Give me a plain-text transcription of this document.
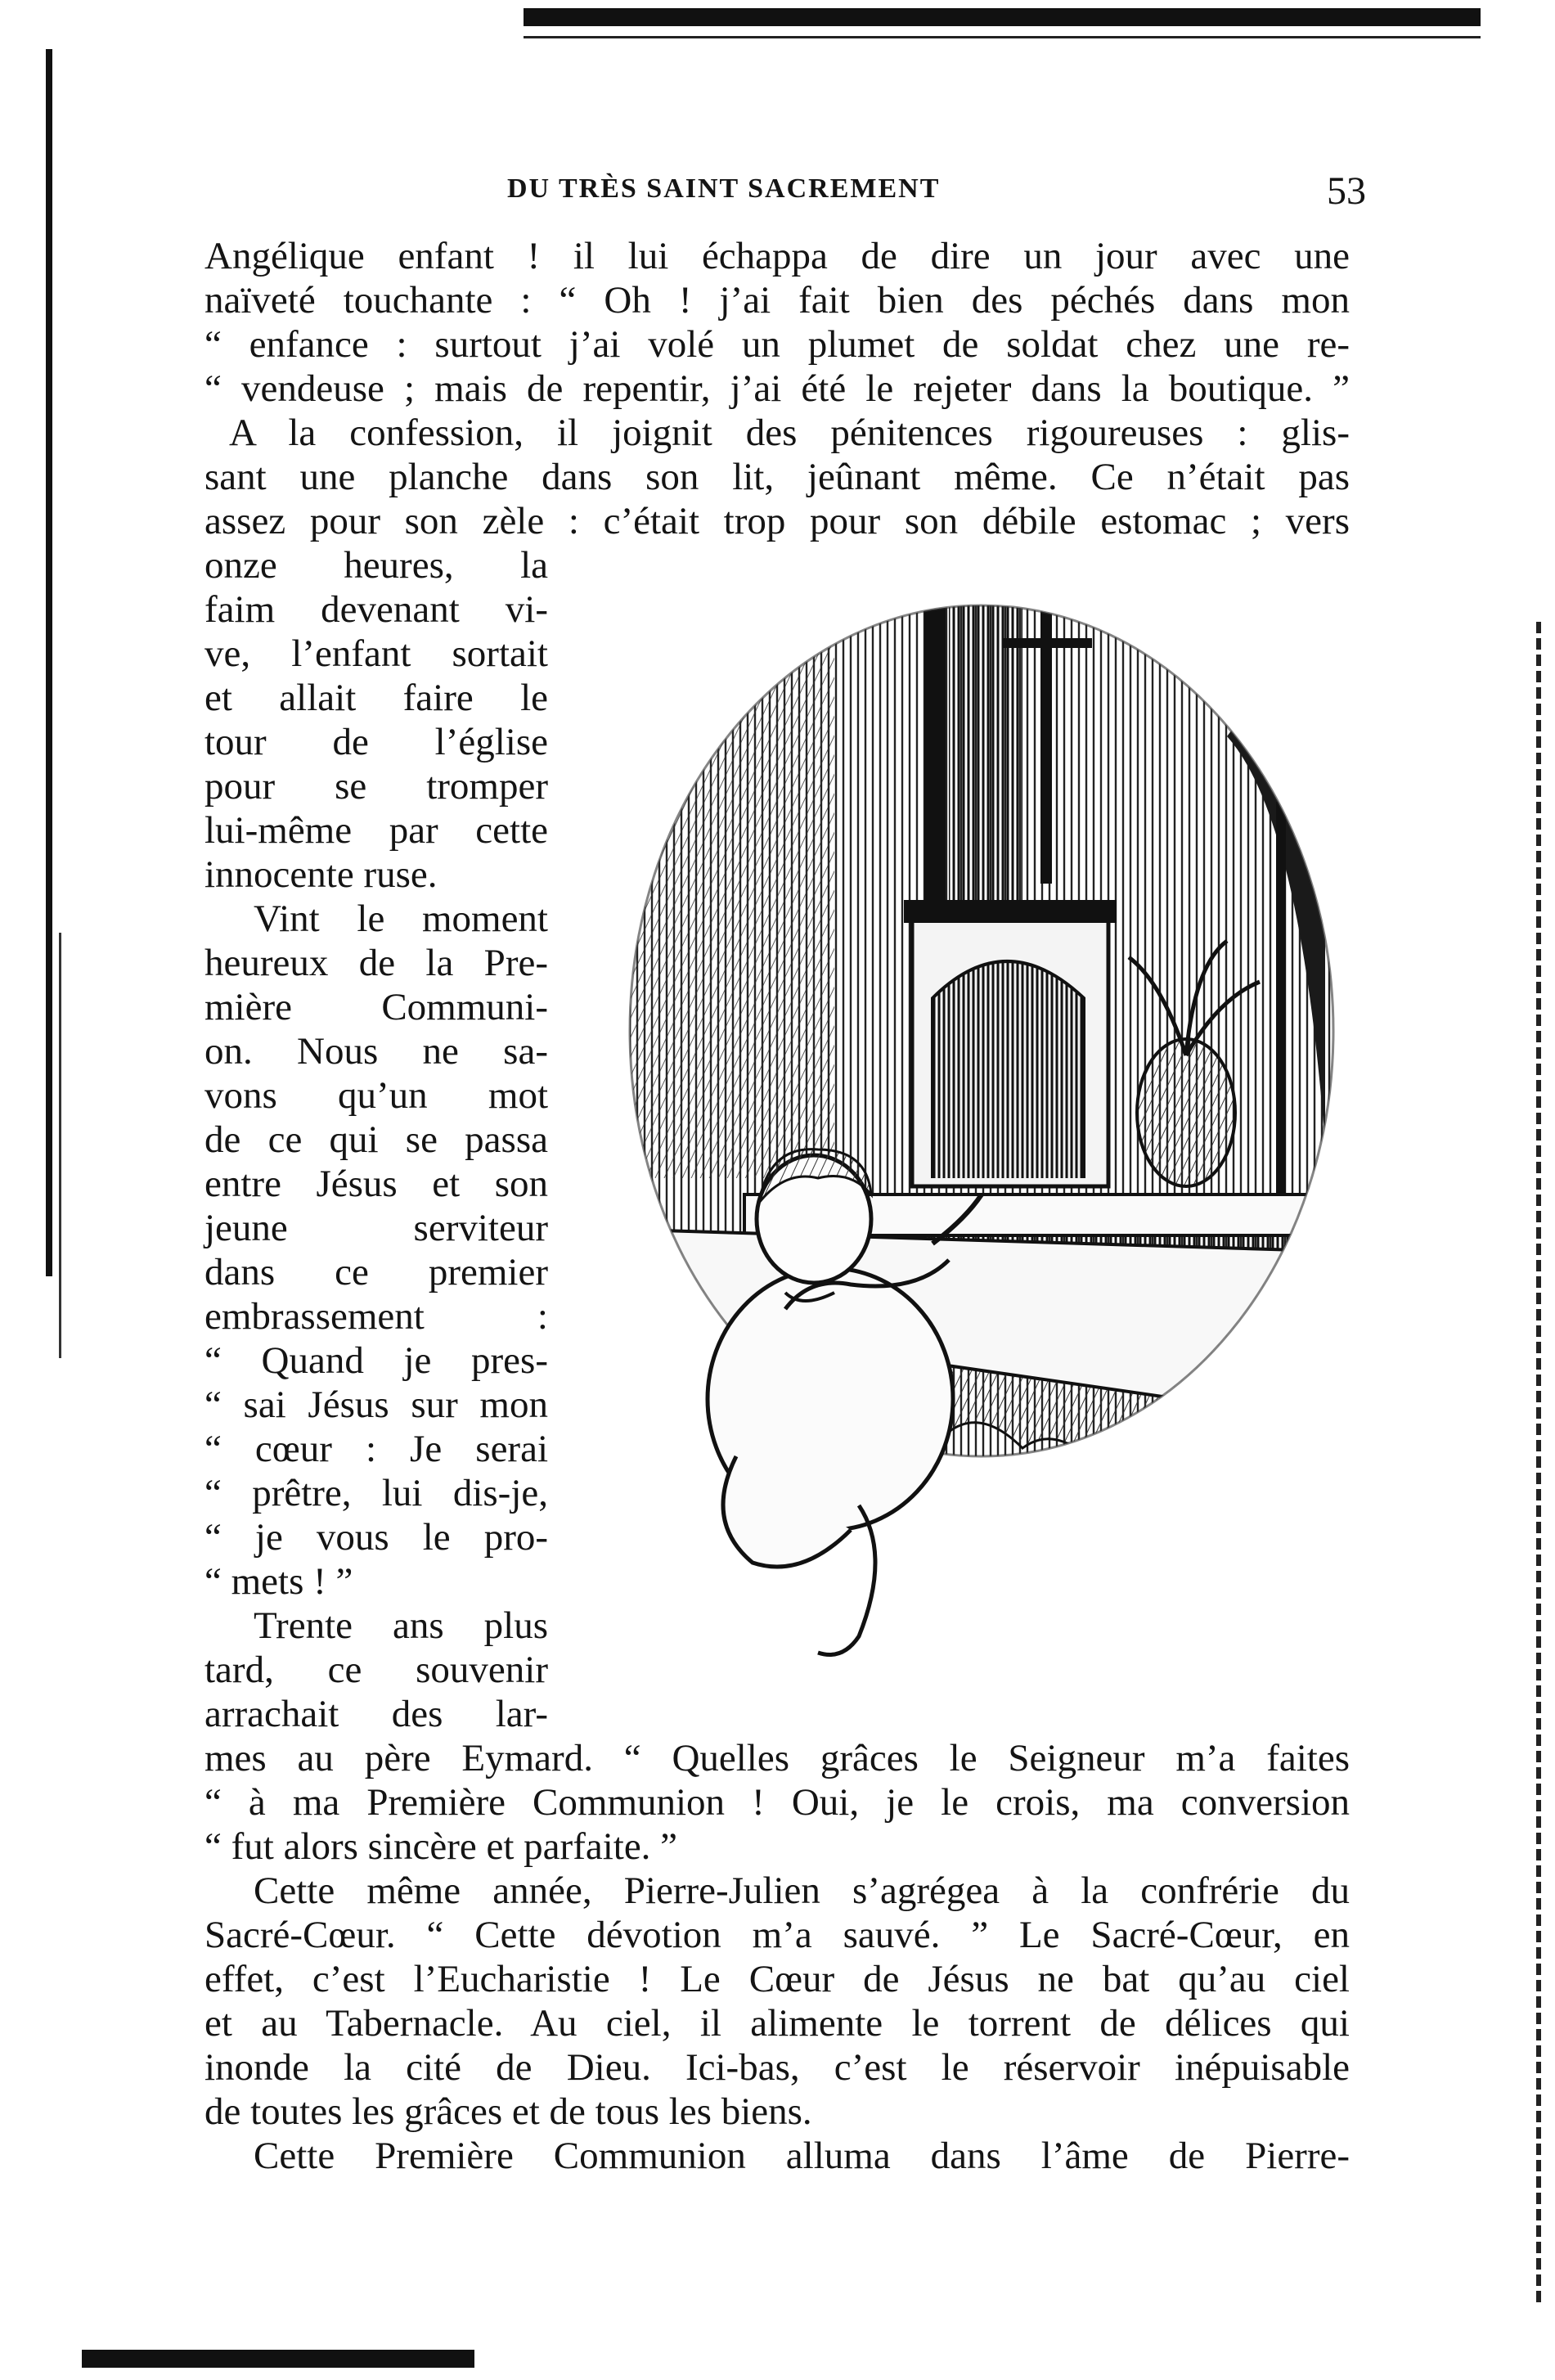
DU TRÈS SAINT SACREMENT	53
Angélique enfant ! il lui échappa de dire un jour avec une
naïveté touchante : “ Oh ! j’ai fait bien des péchés dans mon
“ enfance : surtout j’ai volé un plumet de soldat chez une re-
“ vendeuse ; mais de repentir, j’ai été le rejeter dans la boutique. ”
A la confession, il joignit des pénitences rigoureuses : glis-
sant une planche dans son lit, jeûnant même. Ce n’était pas
assez pour son zèle : c’était trop pour son débile estomac ; vers
onze heures, la
faim devenant vi-
ve, l’enfant sortait
et allait faire le
tour de l’église
pour se tromper
lui-même par cette
innocente ruse.
Vint le moment
heureux de la Pre-
mière Communi-
on. Nous ne sa-
vons qu’un mot
de ce qui se passa
entre Jésus et son
jeune serviteur
dans ce premier
embrassement :
“ Quand je pres-
“ sai Jésus sur mon
“ cœur : Je serai
“ prêtre, lui dis-je,
“ je vous le pro-
“ mets ! ”
Trente ans plus
tard, ce souvenir
arrachait des lar-
mes au père Eymard. “ Quelles grâces le Seigneur m’a faites
“ à ma Première Communion ! Oui, je le crois, ma conversion
“ fut alors sincère et parfaite. ”
Cette même année, Pierre-Julien s’agrégea à la confrérie du
Sacré-Cœur. “ Cette dévotion m’a sauvé. ” Le Sacré-Cœur, en
effet, c’est l’Eucharistie ! Le Cœur de Jésus ne bat qu’au ciel
et au Tabernacle. Au ciel, il alimente le torrent de délices qui
inonde la cité de Dieu. Ici-bas, c’est le réservoir inépuisable
de toutes les grâces et de tous les biens.
Cette Première Communion alluma dans l’âme de Pierre-
